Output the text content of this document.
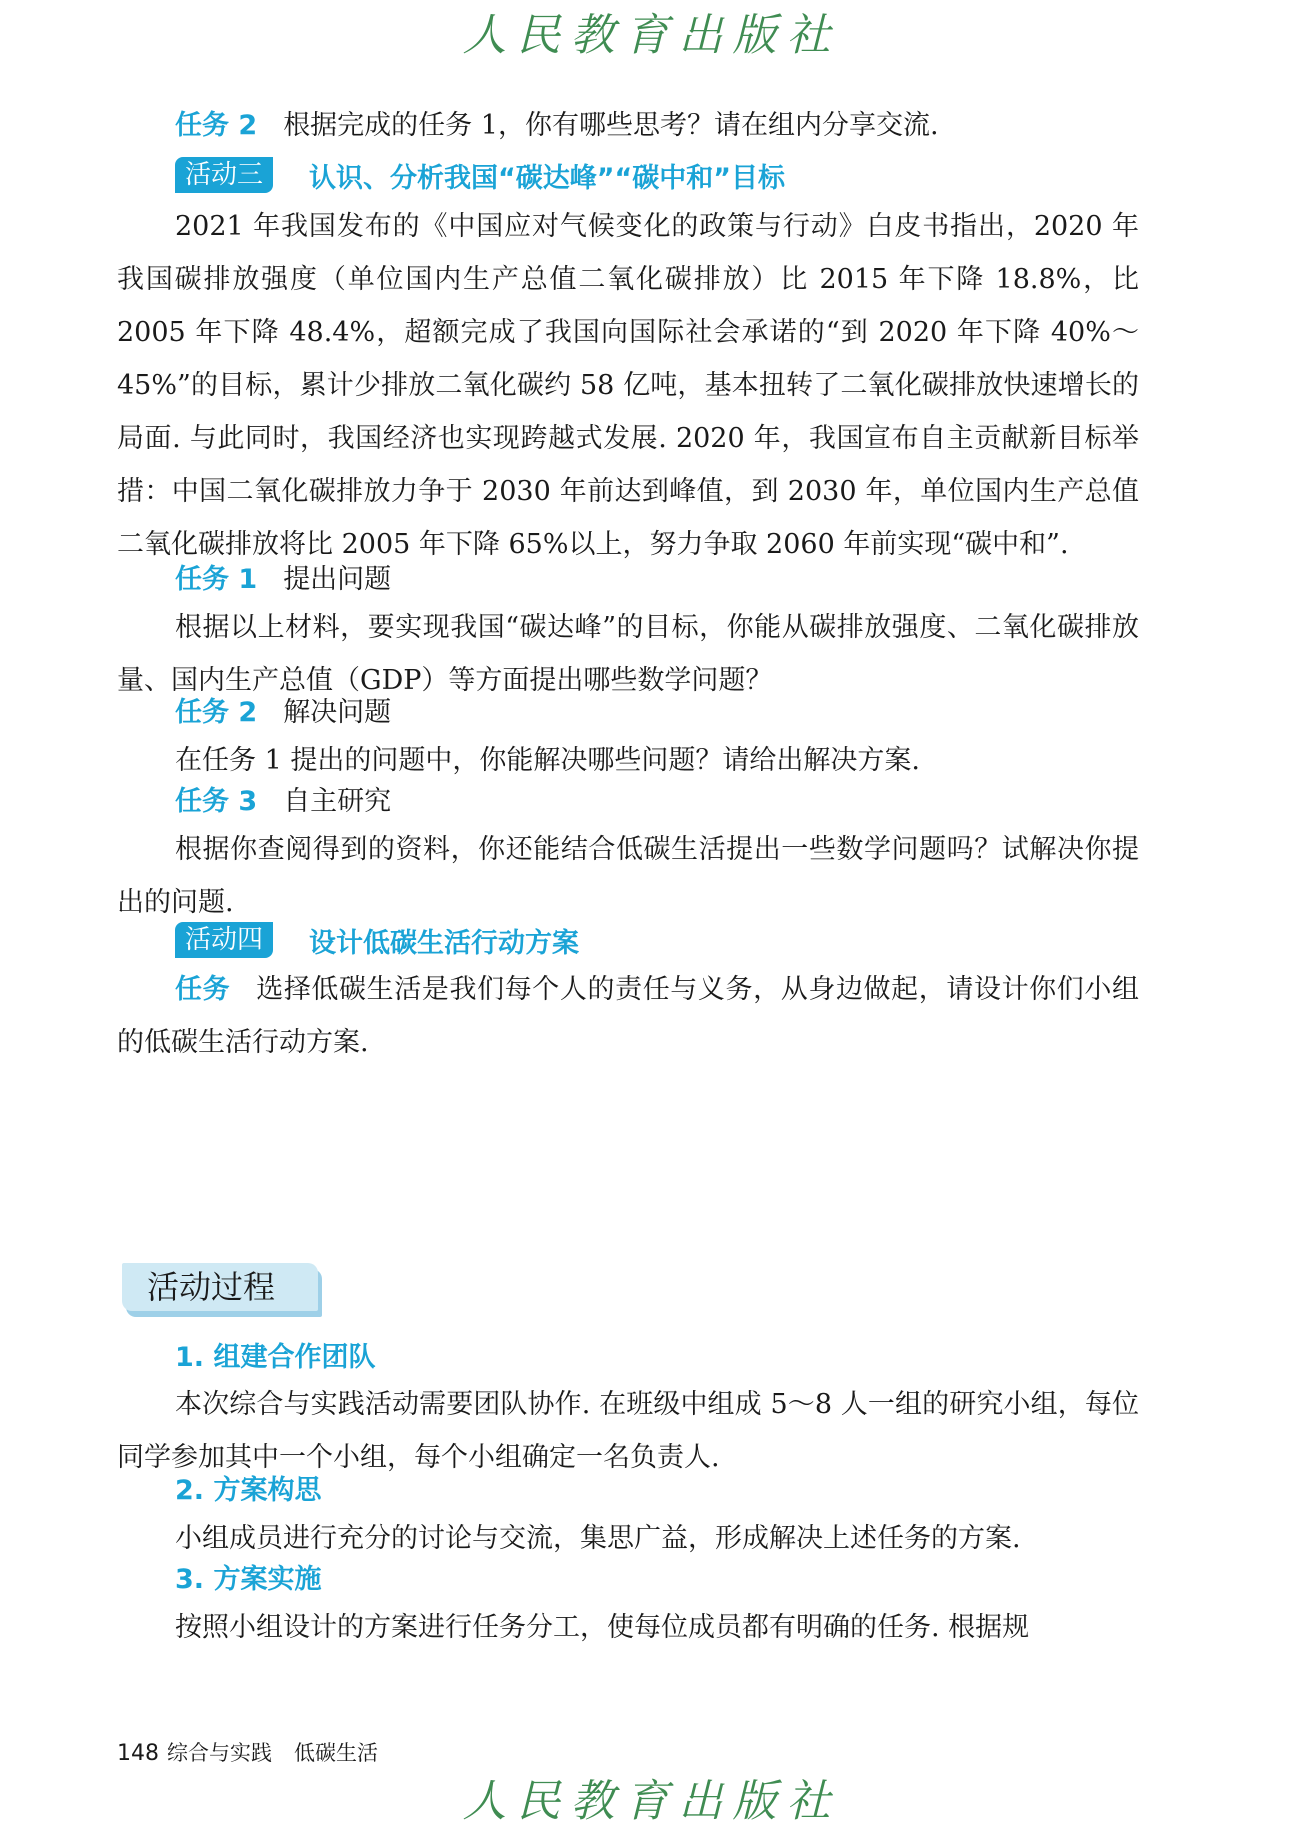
人民教育出版社
任务 2 根据完成的任务 1，你有哪些思考？请在组内分享交流.
活动三	认识、分析我国“碳达峰”“碳中和”目标

2021 年我国发布的《中国应对气候变化的政策与行动》白皮书指出，2020 年我国碳排放强度（单位国内生产总值二氧化碳排放）比 2015 年下降 18.8%，比 2005 年下降 48.4%，超额完成了我国向国际社会承诺的“到 2020 年下降 40%～45%”的目标，累计少排放二氧化碳约 58 亿吨，基本扭转了二氧化碳排放快速增长的局面. 与此同时，我国经济也实现跨越式发展. 2020 年，我国宣布自主贡献新目标举措：中国二氧化碳排放力争于 2030 年前达到峰值，到 2030 年，单位国内生产总值二氧化碳排放将比 2005 年下降 65%以上，努力争取 2060 年前实现“碳中和”.

任务 1 提出问题

根据以上材料，要实现我国“碳达峰”的目标，你能从碳排放强度、二氧化碳排放量、国内生产总值（GDP）等方面提出哪些数学问题？

任务 2 解决问题

在任务 1 提出的问题中，你能解决哪些问题？请给出解决方案.

任务 3 自主研究

根据你查阅得到的资料，你还能结合低碳生活提出一些数学问题吗？试解决你提出的问题.

活动四	设计低碳生活行动方案

任务 选择低碳生活是我们每个人的责任与义务，从身边做起，请设计你们小组的低碳生活行动方案.

活动过程
1. 组建合作团队

本次综合与实践活动需要团队协作. 在班级中组成 5～8 人一组的研究小组，每位同学参加其中一个小组，每个小组确定一名负责人.

2. 方案构思

小组成员进行充分的讨论与交流，集思广益，形成解决上述任务的方案.

3. 方案实施

按照小组设计的方案进行任务分工，使每位成员都有明确的任务. 根据规

148 综合与实践 低碳生活
人民教育出版社
